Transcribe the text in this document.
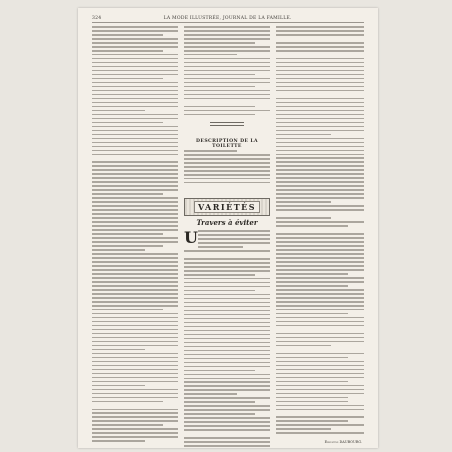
324	LA MODE ILLUSTRÉE, JOURNAL DE LA FAMILLE.
DESCRIPTION DE LA TOILETTE
VARIÉTÉS
Travers à éviter
U
Ernestine DAUBOURG.
